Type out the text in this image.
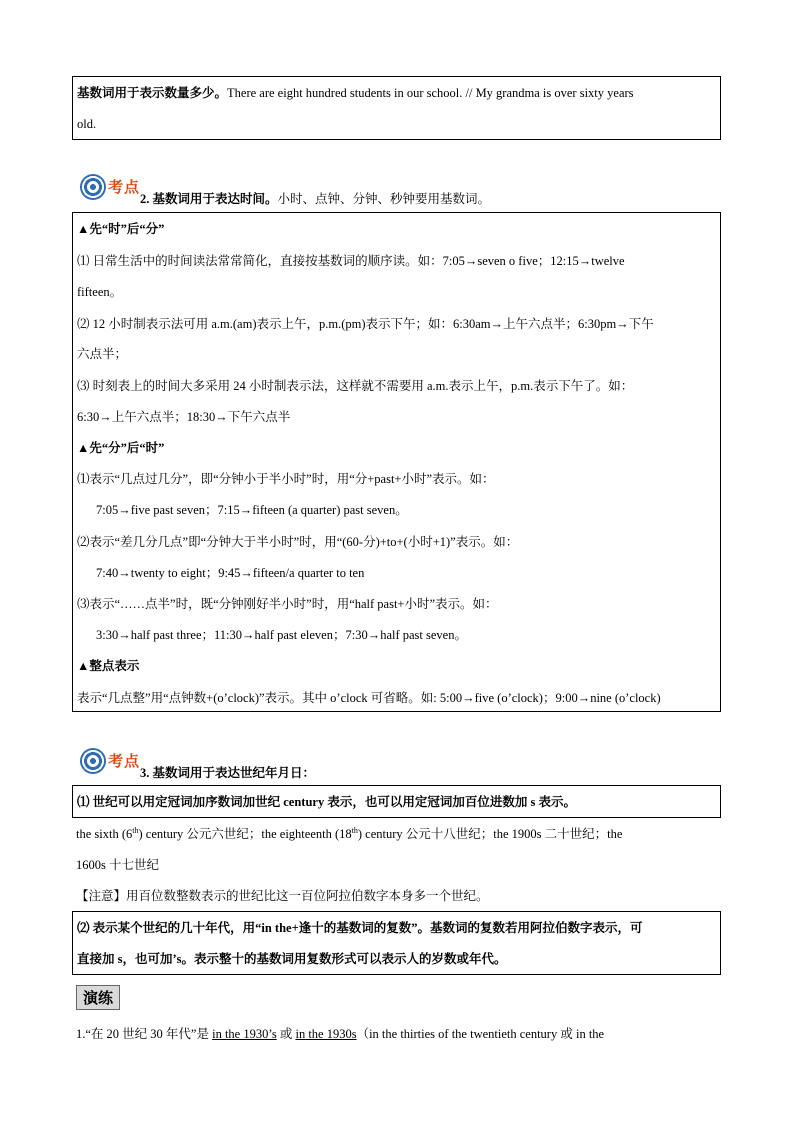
基数词用于表示数量多少。There are eight hundred students in our school. // My grandma is over sixty years
old.
考点
2. 基数词用于表达时间。小时、点钟、分钟、秒钟要用基数词。
▲先“时”后“分”
⑴ 日常生活中的时间读法常常简化，直接按基数词的顺序读。如：7:05→seven o five；12:15→twelve
fifteen。
⑵ 12 小时制表示法可用 a.m.(am)表示上午，p.m.(pm)表示下午；如：6:30am→上午六点半；6:30pm→下午
六点半；
⑶ 时刻表上的时间大多采用 24 小时制表示法，这样就不需要用 a.m.表示上午，p.m.表示下午了。如：
6:30→上午六点半；18:30→下午六点半
▲先“分”后“时”
⑴表示“几点过几分”，即“分钟小于半小时”时，用“分+past+小时”表示。如：
7:05→five past seven；7:15→fifteen (a quarter) past seven。
⑵表示“差几分几点”即“分钟大于半小时”时，用“(60-分)+to+(小时+1)”表示。如：
7:40→twenty to eight；9:45→fifteen/a quarter to ten
⑶表示“……点半”时，既“分钟刚好半小时”时，用“half past+小时”表示。如：
3:30→half past three；11:30→half past eleven；7:30→half past seven。
▲整点表示
表示“几点整”用“点钟数+(o’clock)”表示。其中 o’clock 可省略。如: 5:00→five (o’clock)；9:00→nine (o’clock)
考点
3. 基数词用于表达世纪年月日：
⑴ 世纪可以用定冠词加序数词加世纪 century 表示，也可以用定冠词加百位进数加 s 表示。
the sixth (6th) century 公元六世纪；the eighteenth (18th) century 公元十八世纪；the 1900s 二十世纪；the
1600s 十七世纪
【注意】用百位数整数表示的世纪比这一百位阿拉伯数字本身多一个世纪。
⑵ 表示某个世纪的几十年代，用“in the+逢十的基数词的复数”。基数词的复数若用阿拉伯数字表示，可
直接加 s，也可加’s。表示整十的基数词用复数形式可以表示人的岁数或年代。
演练
1.“在 20 世纪 30 年代”是 in the 1930’s 或 in the 1930s（in the thirties of the twentieth century 或 in the
